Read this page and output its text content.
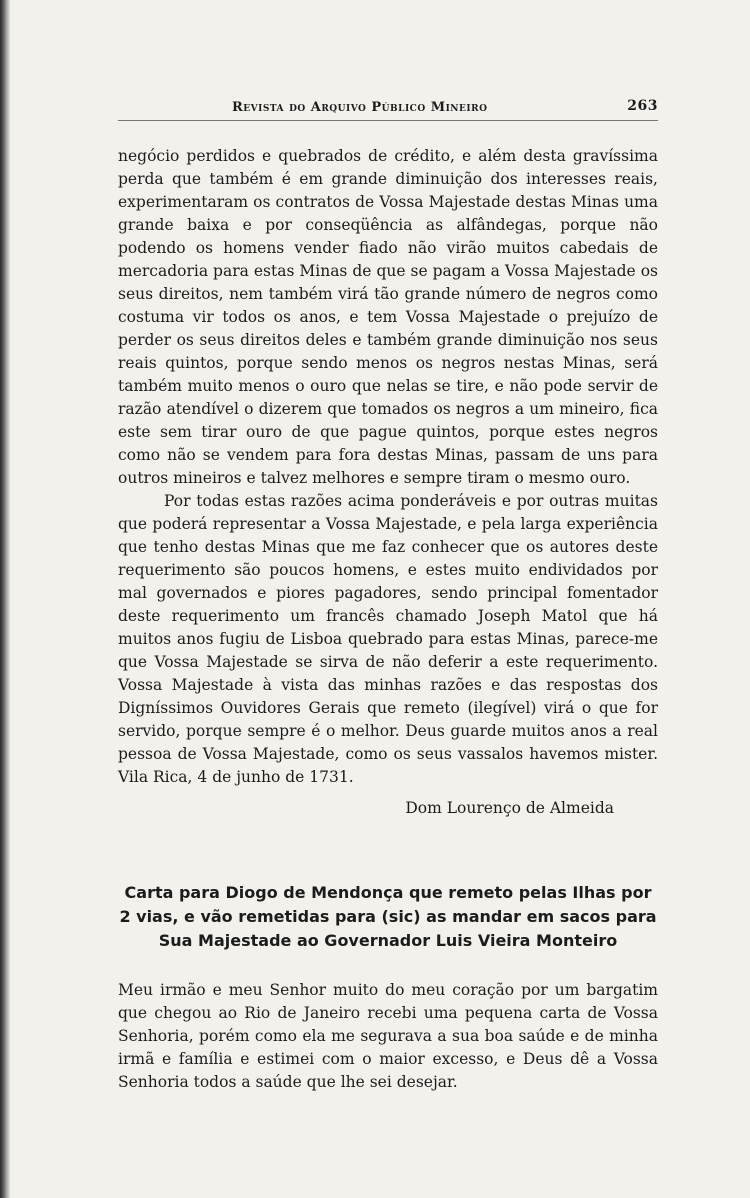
Revista do Arquivo Público Mineiro	263

negócio perdidos e quebrados de crédito, e além desta gravíssima perda que também é em grande diminuição dos interesses reais, experimentaram os contratos de Vossa Majestade destas Minas uma grande baixa e por conseqüência as alfândegas, porque não podendo os homens vender fiado não virão muitos cabedais de mercadoria para estas Minas de que se pagam a Vossa Majestade os seus direitos, nem também virá tão grande número de negros como costuma vir todos os anos, e tem Vossa Majestade o prejuízo de perder os seus direitos deles e também grande diminuição nos seus reais quintos, porque sendo menos os negros nestas Minas, será também muito menos o ouro que nelas se tire, e não pode servir de razão atendível o dizerem que tomados os negros a um mineiro, fica este sem tirar ouro de que pague quintos, porque estes negros como não se vendem para fora destas Minas, passam de uns para outros mineiros e talvez melhores e sempre tiram o mesmo ouro.

Por todas estas razões acima ponderáveis e por outras muitas que poderá representar a Vossa Majestade, e pela larga experiência que tenho destas Minas que me faz conhecer que os autores deste requerimento são poucos homens, e estes muito endividados por mal governados e piores pagadores, sendo principal fomentador deste requerimento um francês chamado Joseph Matol que há muitos anos fugiu de Lisboa quebrado para estas Minas, parece-me que Vossa Majestade se sirva de não deferir a este requerimento. Vossa Majestade à vista das minhas razões e das respostas dos Digníssimos Ouvidores Gerais que remeto (ilegível) virá o que for servido, porque sempre é o melhor. Deus guarde muitos anos a real pessoa de Vossa Majestade, como os seus vassalos havemos mister. Vila Rica, 4 de junho de 1731.

Dom Lourenço de Almeida
Carta para Diogo de Mendonça que remeto pelas Ilhas por 2 vias, e vão remetidas para (sic) as mandar em sacos para Sua Majestade ao Governador Luis Vieira Monteiro

Meu irmão e meu Senhor muito do meu coração por um bargatim que chegou ao Rio de Janeiro recebi uma pequena carta de Vossa Senhoria, porém como ela me segurava a sua boa saúde e de minha irmã e família e estimei com o maior excesso, e Deus dê a Vossa Senhoria todos a saúde que lhe sei desejar.
